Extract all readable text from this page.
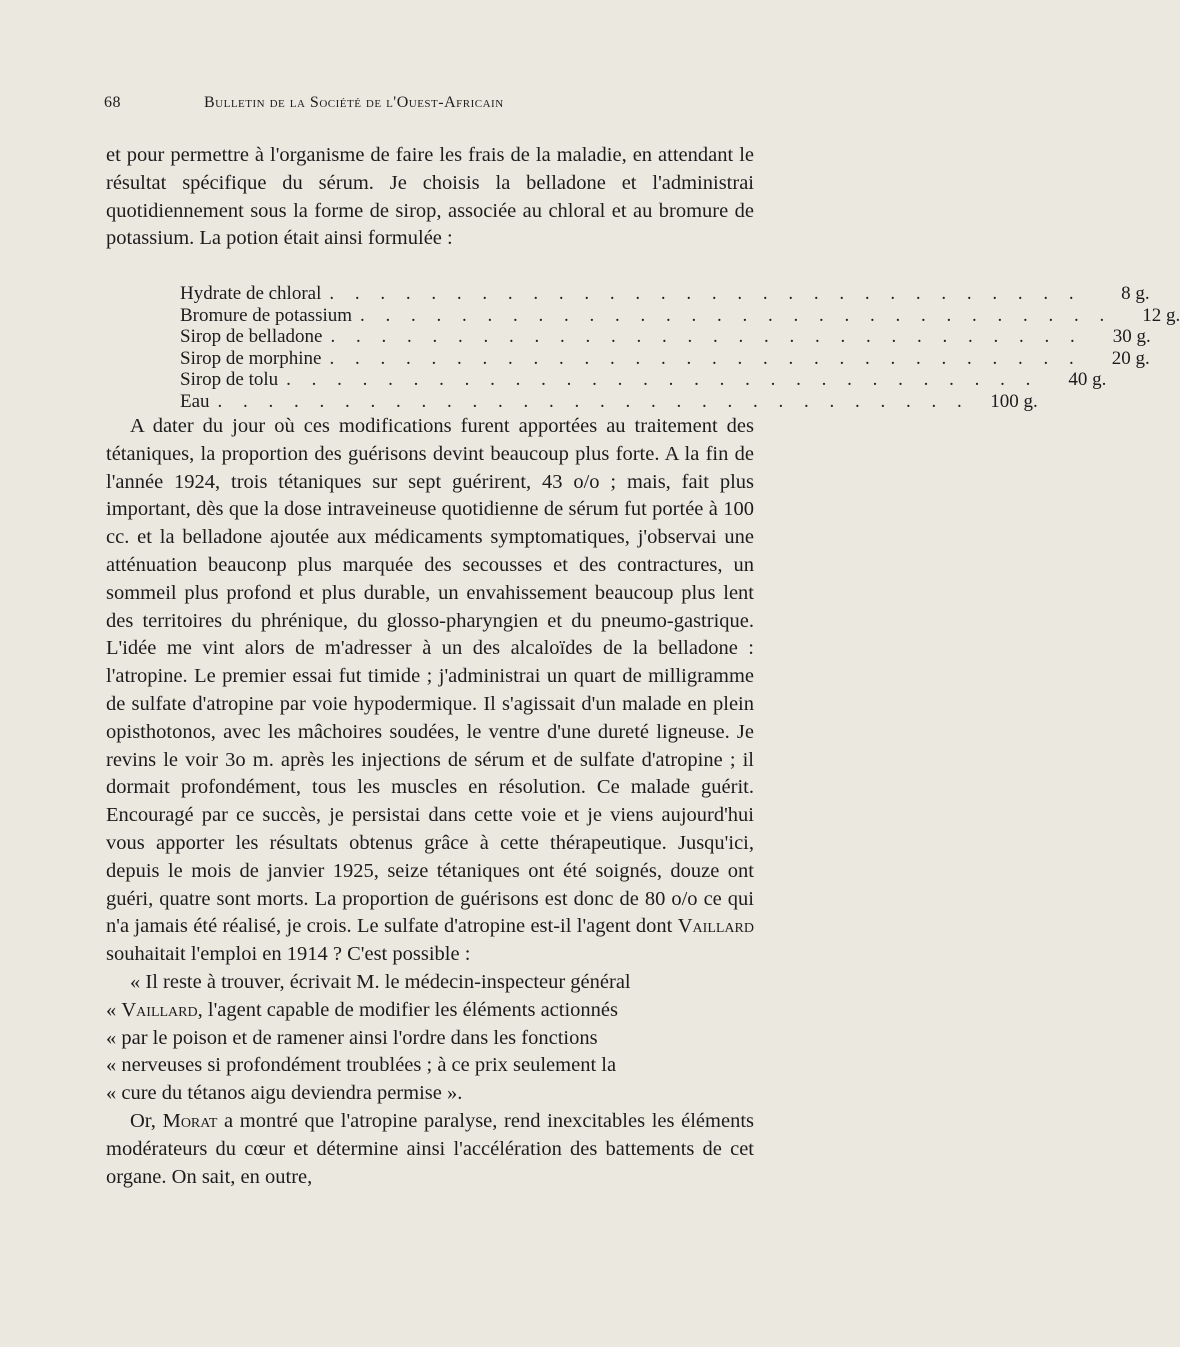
68	Bulletin de la Société de l'Ouest-Africain

et pour permettre à l'organisme de faire les frais de la maladie, en attendant le résultat spécifique du sérum. Je choisis la belladone et l'administrai quotidiennement sous la forme de sirop, associée au chloral et au bromure de potassium. La potion était ainsi formulée :

Hydrate de chloral . . . . . . . . . . . . . . . . . . . . . . . . . . . . . .	8 g.
Bromure de potassium . . . . . . . . . . . . . . . . . . . . . . . . . . . . . .	12 g.
Sirop de belladone . . . . . . . . . . . . . . . . . . . . . . . . . . . . . .	30 g.
Sirop de morphine . . . . . . . . . . . . . . . . . . . . . . . . . . . . . .	20 g.
Sirop de tolu . . . . . . . . . . . . . . . . . . . . . . . . . . . . . .	40 g.
Eau . . . . . . . . . . . . . . . . . . . . . . . . . . . . . .	100 g.

A dater du jour où ces modifications furent apportées au traitement des tétaniques, la proportion des guérisons devint beaucoup plus forte. A la fin de l'année 1924, trois tétaniques sur sept guérirent, 43 o/o ; mais, fait plus important, dès que la dose intraveineuse quotidienne de sérum fut portée à 100 cc. et la belladone ajoutée aux médicaments symptomatiques, j'observai une atténuation beauconp plus marquée des secousses et des contractures, un sommeil plus profond et plus durable, un envahissement beaucoup plus lent des territoires du phrénique, du glosso-pharyngien et du pneumo-gastrique. L'idée me vint alors de m'adresser à un des alcaloïdes de la belladone : l'atropine. Le premier essai fut timide ; j'administrai un quart de milligramme de sulfate d'atropine par voie hypodermique. Il s'agissait d'un malade en plein opisthotonos, avec les mâchoires soudées, le ventre d'une dureté ligneuse. Je revins le voir 3o m. après les injections de sérum et de sulfate d'atropine ; il dormait profondément, tous les muscles en résolution. Ce malade guérit. Encouragé par ce succès, je persistai dans cette voie et je viens aujourd'hui vous apporter les résultats obtenus grâce à cette thérapeutique. Jusqu'ici, depuis le mois de janvier 1925, seize tétaniques ont été soignés, douze ont guéri, quatre sont morts. La proportion de guérisons est donc de 80 o/o ce qui n'a jamais été réalisé, je crois. Le sulfate d'atropine est-il l'agent dont Vaillard souhaitait l'emploi en 1914 ? C'est possible :

« Il reste à trouver, écrivait M. le médecin-inspecteur général
« Vaillard, l'agent capable de modifier les éléments actionnés
« par le poison et de ramener ainsi l'ordre dans les fonctions
« nerveuses si profondément troublées ; à ce prix seulement la
« cure du tétanos aigu deviendra permise ».

Or, Morat a montré que l'atropine paralyse, rend inexcitables les éléments modérateurs du cœur et détermine ainsi l'accélération des battements de cet organe. On sait, en outre,
